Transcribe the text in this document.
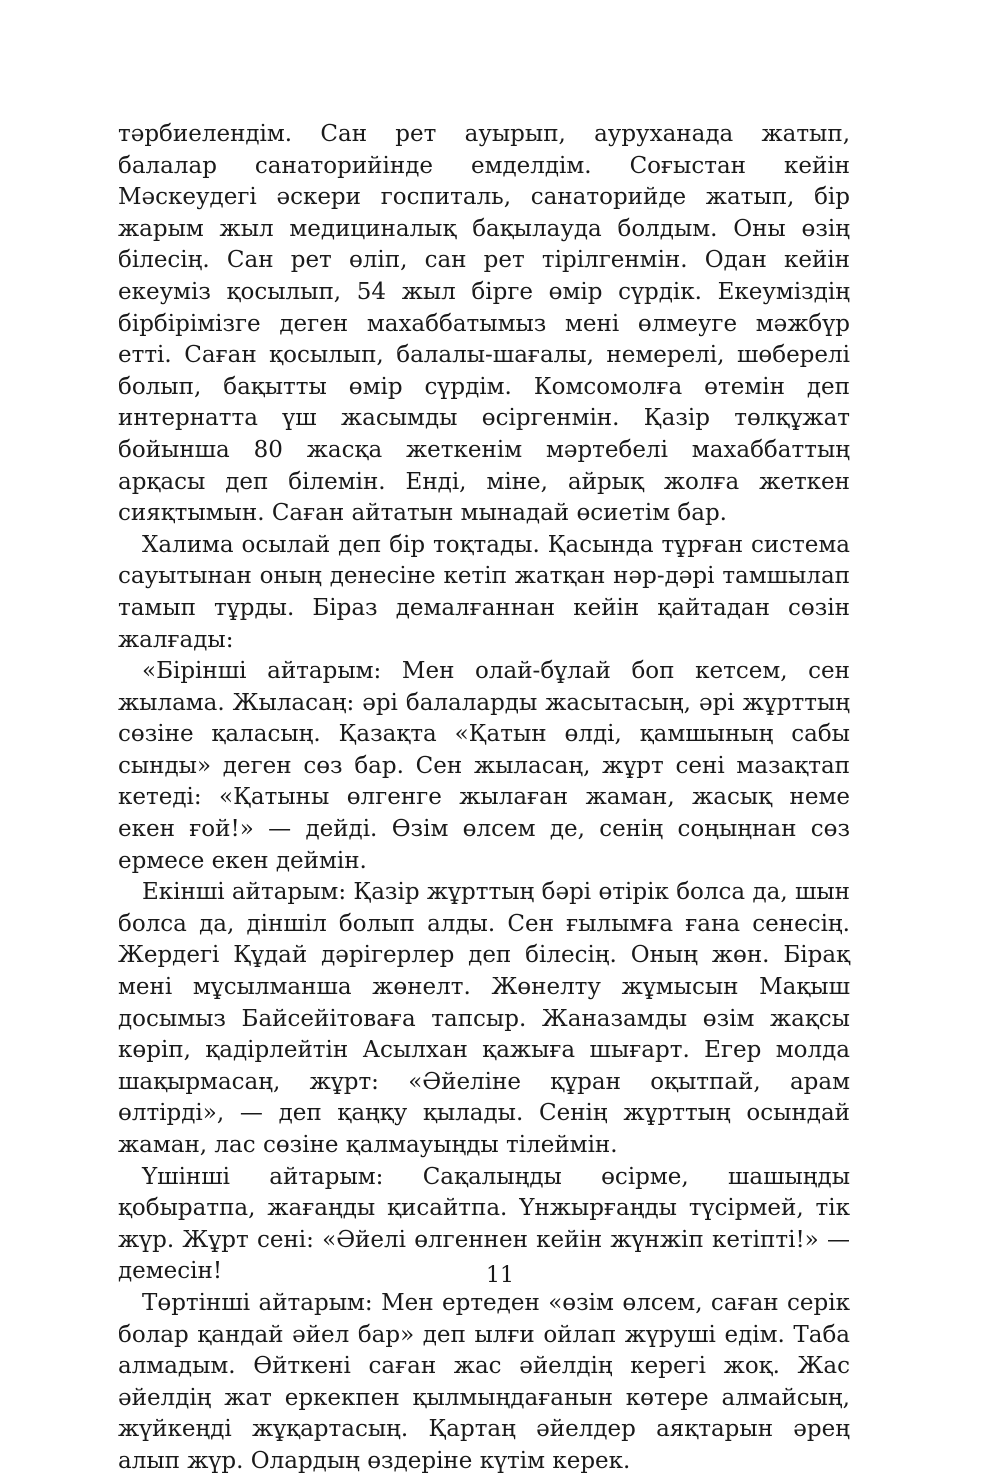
тәрбиелендім. Сан рет ауырып, ауруханада жатып, балалар санаторийінде емделдім. Соғыстан кейін Мәскеудегі әскери госпиталь, санаторийде жатып, бір жарым жыл медициналық бақылауда болдым. Оны өзің білесің. Сан рет өліп, сан рет тірілгенмін. Одан кейін екеуміз қосылып, 54 жыл бірге өмір сүрдік. Екеуміздің бірбірімізге деген махаббатымыз мені өлмеуге мәжбүр етті. Саған қосылып, балалы-шағалы, немерелі, шөберелі болып, бақытты өмір сүрдім. Комсомолға өтемін деп интернатта үш жасымды өсіргенмін. Қазір төлқұжат бойынша 80 жасқа жеткенім мәртебелі махаббаттың арқасы деп білемін. Енді, міне, айрық жолға жеткен сияқтымын. Саған айтатын мынадай өсиетім бар.

Халима осылай деп бір тоқтады. Қасында тұрған система сауытынан оның денесіне кетіп жатқан нәр-дәрі тамшылап тамып тұрды. Біраз демалғаннан кейін қайтадан сөзін жалғады:

«Бірінші айтарым: Мен олай-бұлай боп кетсем, сен жылама. Жыласаң: әрі балаларды жасытасың, әрі жұрттың сөзіне қаласың. Қазақта «Қатын өлді, қамшының сабы сынды» деген сөз бар. Сен жыласаң, жұрт сені мазақтап кетеді: «Қатыны өлгенге жылаған жаман, жасық неме екен ғой!» — дейді. Өзім өлсем де, сенің соңыңнан сөз ермесе екен деймін.

Екінші айтарым: Қазір жұрттың бәрі өтірік болса да, шын болса да, діншіл болып алды. Сен ғылымға ғана сенесің. Жердегі Құдай дәрігерлер деп білесің. Оның жөн. Бірақ мені мұсылманша жөнелт. Жөнелту жұмысын Мақыш досымыз Байсейітоваға тапсыр. Жаназамды өзім жақсы көріп, қадірлейтін Асылхан қажыға шығарт. Егер молда шақырмасаң, жұрт: «Әйеліне құран оқытпай, арам өлтірді», — деп қаңқу қылады. Сенің жұрттың осындай жаман, лас сөзіне қалмауыңды тілеймін.

Үшінші айтарым: Сақалыңды өсірме, шашыңды қобыратпа, жағаңды қисайтпа. Үнжырғаңды түсірмей, тік жүр. Жұрт сені: «Әйелі өлгеннен кейін жүнжіп кетіпті!» — демесін!

Төртінші айтарым: Мен ертеден «өзім өлсем, саған серік болар қандай әйел бар» деп ылғи ойлап жүруші едім. Таба алмадым. Өйткені саған жас әйелдің керегі жоқ. Жас әйелдің жат еркекпен қылмыңдағанын көтере алмайсың, жүйкеңді жұқартасың. Қартаң әйелдер аяқтарын әрең алып жүр. Олардың өздеріне күтім керек.

11
